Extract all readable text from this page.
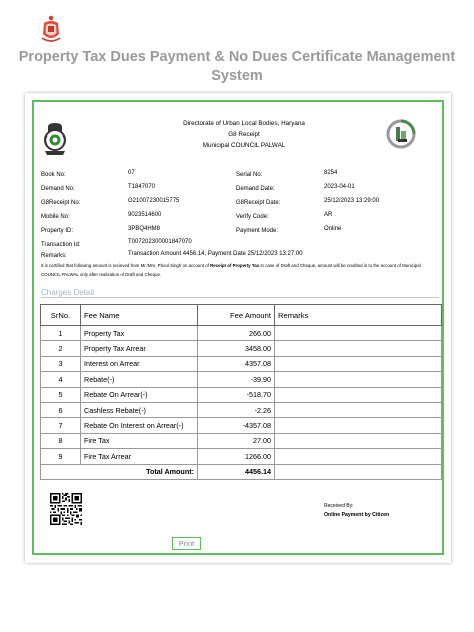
Property Tax Dues Payment & No Dues Certificate Management System
Directorate of Urban Local Bodies, Haryana
G8 Receipt
Municipal COUNCIL PALWAL
Book No:	07	Serial No:	8254
Demand No:	T1847070	Demand Date:	2023-04-01
G8Receipt No:	G21007230015775	G8Receipt Date:	25/12/2023 13:29:00
Mobile No:	9023514600	Verify Code:	AR
Property ID:	3PBQ4HM8	Payment Mode:	Online
Transaction Id:	T007202300001847070
Remarks:	Transaction Amount 4456.14, Payment Date 25/12/2023 13:27:00
It is certified that following amount is recieved from Mr./Mrs. Phool Singh on account of Receipt of Property Tax In case of Draft and Cheque, amount will be credited in to the account of Municipal COUNCIL PALWAL only after realization of Draft and Cheque.
Charges Detail
SrNo.	Fee Name	Fee Amount	Remarks
1	Property Tax	266.00	
2	Property Tax Arrear	3458.00	
3	Interest on Arrear	4357.08	
4	Rebate(-)	-39.90	
5	Rebate On Arrear(-)	-518.70	
6	Cashless Rebate(-)	-2.26	
7	Rebate On Interest on Arrear(-)	-4357.08	
8	Fire Tax	27.00	
9	Fire Tax Arrear	1266.00	
Total Amount:		4456.14	
Received By:
Online Payment by Citizen
Print
